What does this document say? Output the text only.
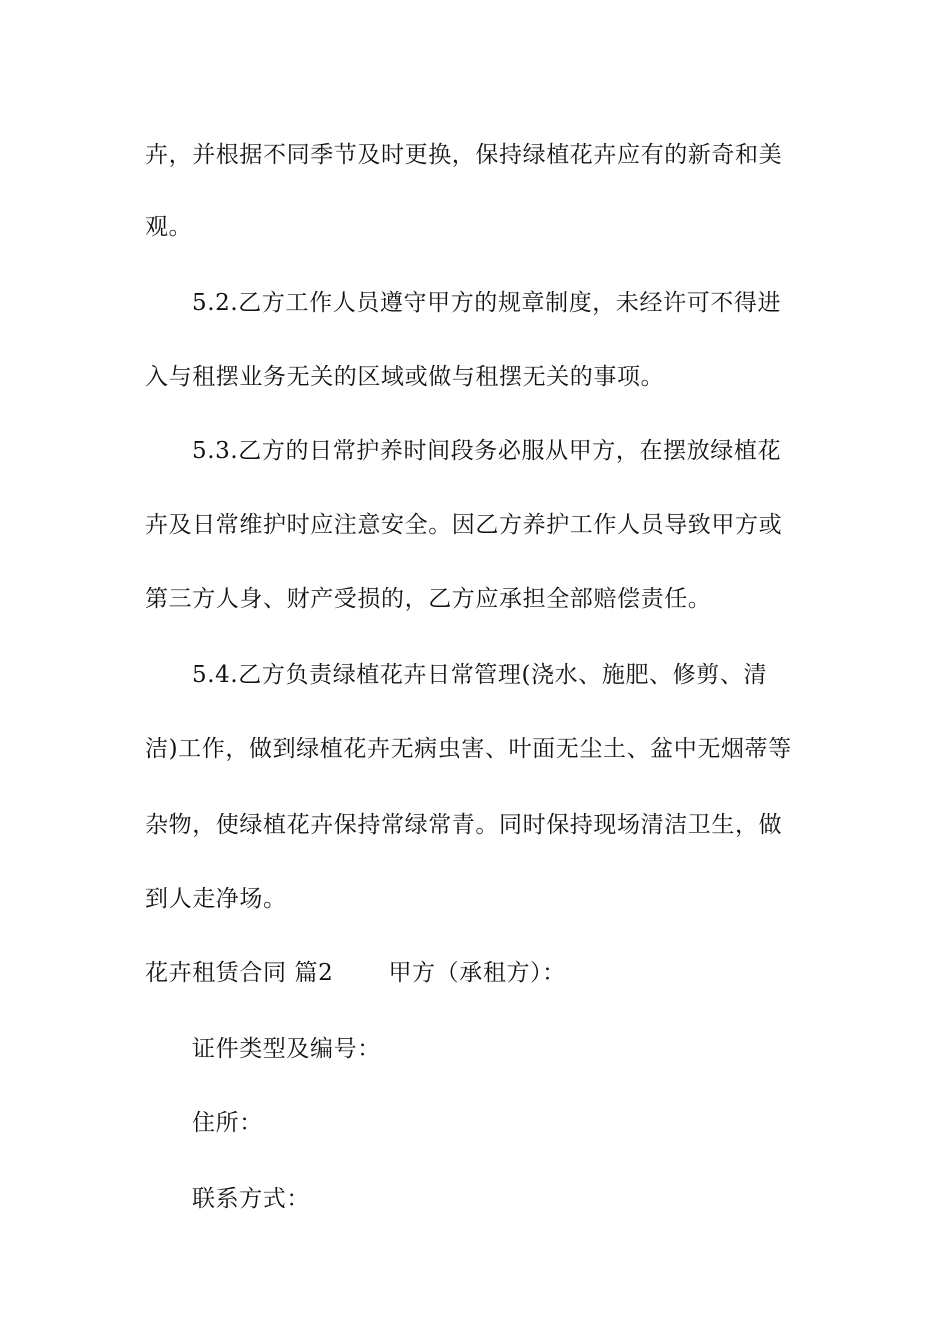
卉，并根据不同季节及时更换，保持绿植花卉应有的新奇和美
观。
5.2.乙方工作人员遵守甲方的规章制度，未经许可不得进
入与租摆业务无关的区域或做与租摆无关的事项。
5.3.乙方的日常护养时间段务必服从甲方，在摆放绿植花
卉及日常维护时应注意安全。因乙方养护工作人员导致甲方或
第三方人身、财产受损的，乙方应承担全部赔偿责任。
5.4.乙方负责绿植花卉日常管理(浇水、施肥、修剪、清
洁)工作，做到绿植花卉无病虫害、叶面无尘土、盆中无烟蒂等
杂物，使绿植花卉保持常绿常青。同时保持现场清洁卫生，做
到人走净场。
花卉租赁合同 篇2　　 甲方（承租方）：
证件类型及编号：
住所：
联系方式：
